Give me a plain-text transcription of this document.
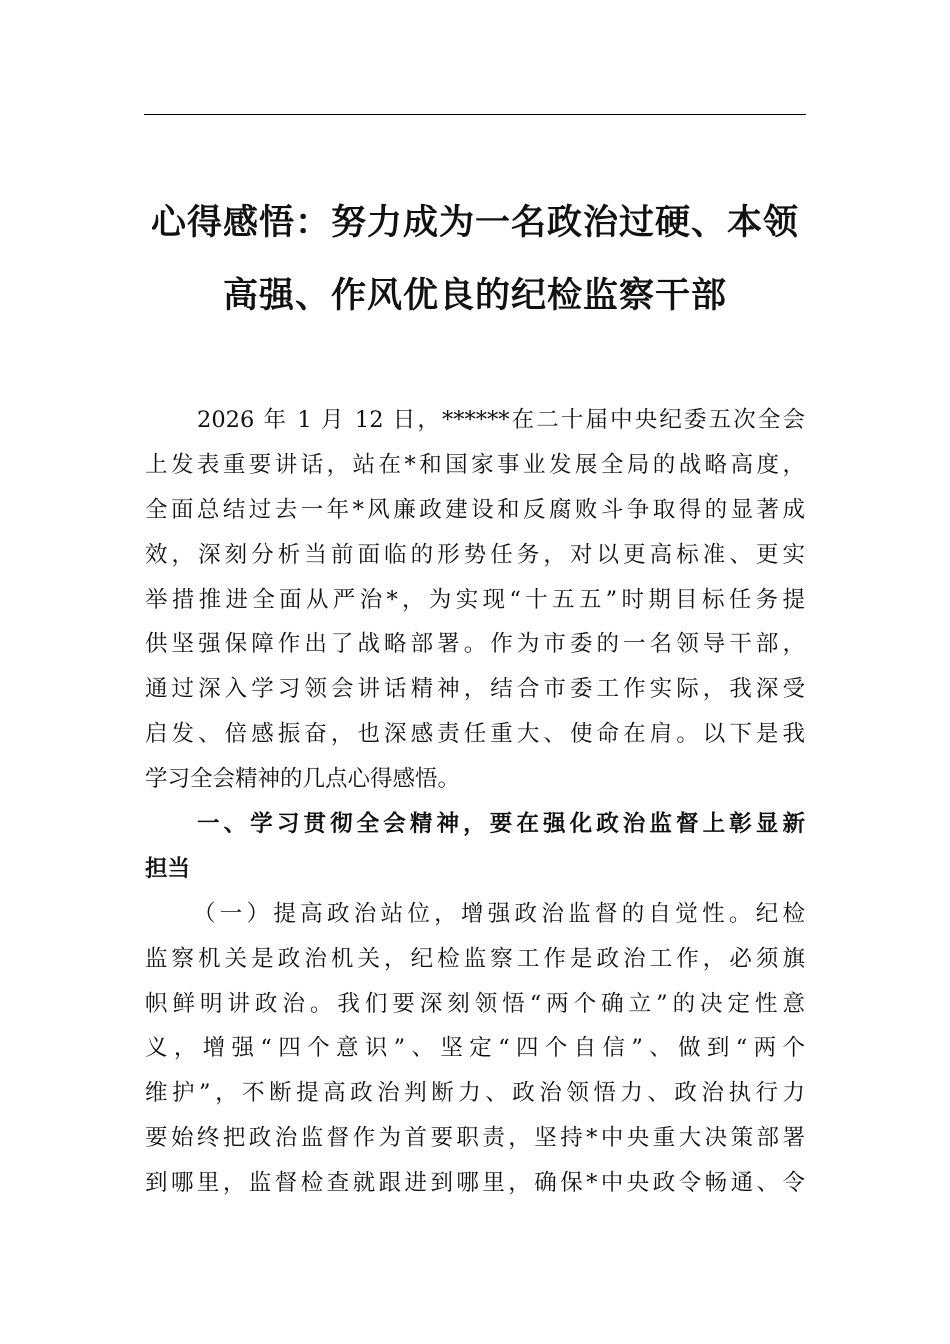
心得感悟：努力成为一名政治过硬、本领
高强、作风优良的纪检监察干部
2026 年 1 月 12 日，******在二十届中央纪委五次全会
上发表重要讲话，站在*和国家事业发展全局的战略高度，
全面总结过去一年*风廉政建设和反腐败斗争取得的显著成
效，深刻分析当前面临的形势任务，对以更高标准、更实
举措推进全面从严治*，为实现“十五五”时期目标任务提
供坚强保障作出了战略部署。作为市委的一名领导干部，
通过深入学习领会讲话精神，结合市委工作实际，我深受
启发、倍感振奋，也深感责任重大、使命在肩。以下是我
学习全会精神的几点心得感悟。
一、学习贯彻全会精神，要在强化政治监督上彰显新
担当
（一）提高政治站位，增强政治监督的自觉性。纪检
监察机关是政治机关，纪检监察工作是政治工作，必须旗
帜鲜明讲政治。我们要深刻领悟“两个确立”的决定性意
义，增强“四个意识”、坚定“四个自信”、做到“两个
维护”，不断提高政治判断力、政治领悟力、政治执行力
要始终把政治监督作为首要职责，坚持*中央重大决策部署
到哪里，监督检查就跟进到哪里，确保*中央政令畅通、令
